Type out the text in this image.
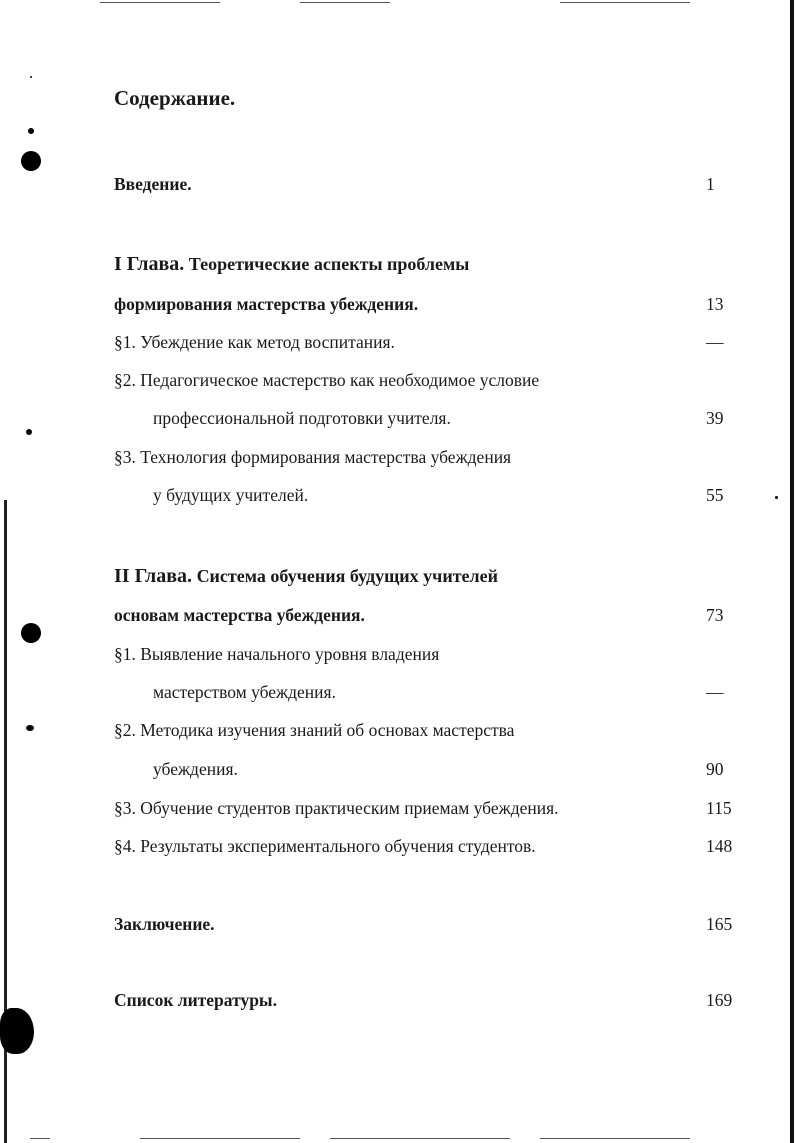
Содержание.
Введение.	1
I Глава. Теоретические аспекты проблемы
формирования мастерства убеждения.	13
§1. Убеждение как метод воспитания.	—
§2. Педагогическое мастерство как необходимое условие
профессиональной подготовки учителя.	39
§3. Технология формирования мастерства убеждения
у будущих учителей.	55
II Глава. Система обучения будущих учителей
основам мастерства убеждения.	73
§1. Выявление начального уровня владения
мастерством убеждения.	—
§2. Методика изучения знаний об основах мастерства
убеждения.	90
§3. Обучение студентов практическим приемам убеждения.	115
§4. Результаты экспериментального обучения студентов.	148
Заключение.	165
Список литературы.	169
